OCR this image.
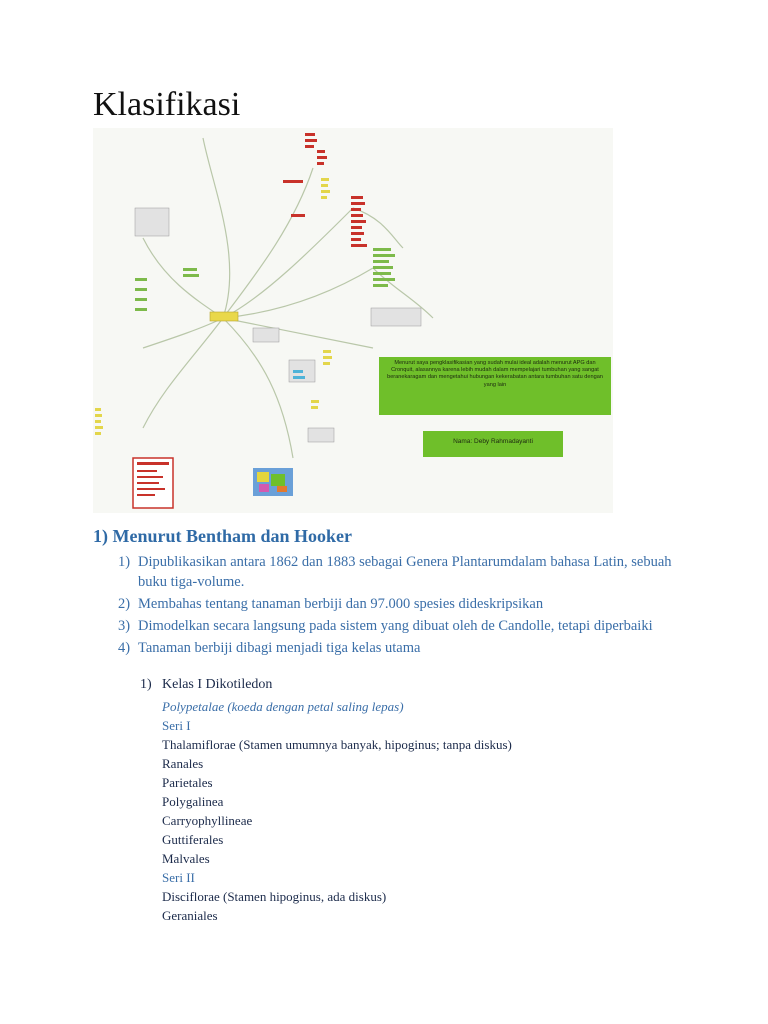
Klasifikasi
Menurut saya pengklasifikasian yang sudah mulai ideal adalah menurut APG dan Cronquit, alasannya karena lebih mudah dalam mempelajari tumbuhan yang sangat beranekaragam dan mengetahui hubungan kekerabatan antara tumbuhan satu dengan yang lain
Nama: Deby Rahmadayanti
1) Menurut Bentham dan Hooker
1) Dipublikasikan antara 1862 dan 1883 sebagai Genera Plantarumdalam bahasa Latin, sebuah buku tiga-volume.
2) Membahas tentang tanaman berbiji dan 97.000 spesies dideskripsikan
3) Dimodelkan secara langsung pada sistem yang dibuat oleh de Candolle, tetapi diperbaiki
4) Tanaman berbiji dibagi menjadi tiga kelas utama
1) Kelas I Dikotiledon
Polypetalae (koeda dengan petal saling lepas)
Seri I
Thalamiflorae (Stamen umumnya banyak, hipoginus; tanpa diskus)
Ranales
Parietales
Polygalinea
Carryophyllineae
Guttiferales
Malvales
Seri II
Disciflorae (Stamen hipoginus, ada diskus)
Geraniales
